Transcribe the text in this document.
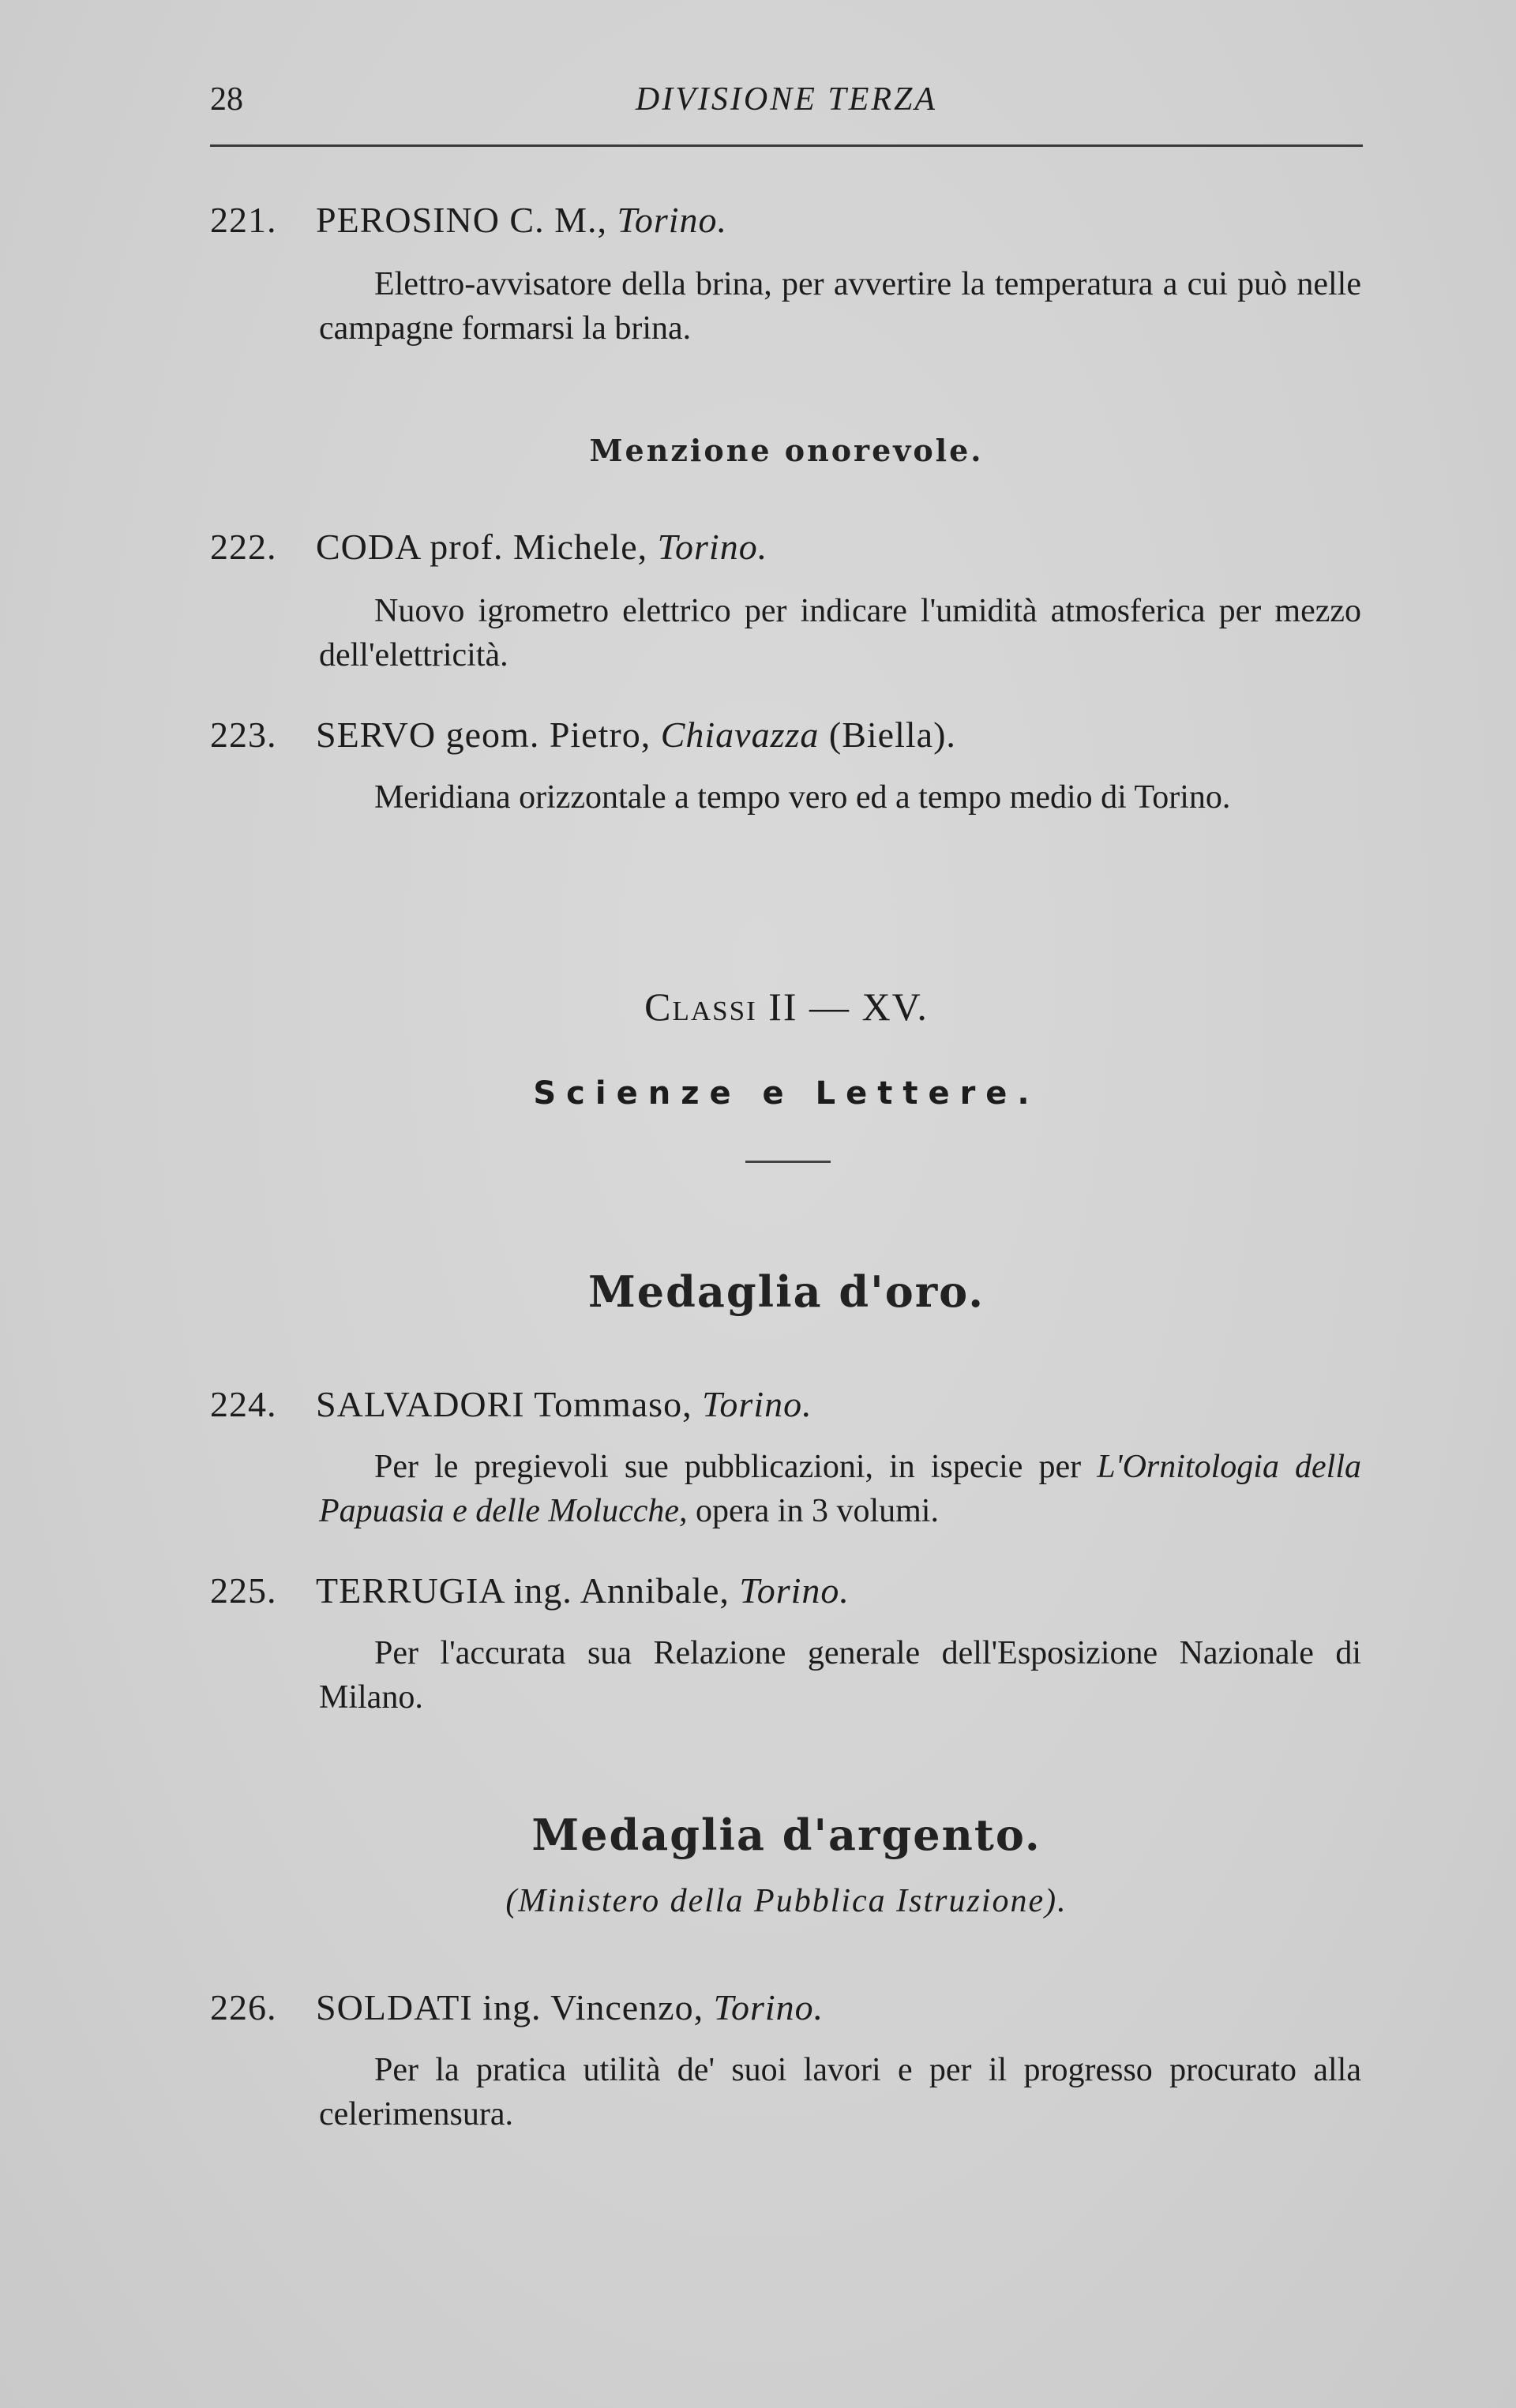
DIVISIONE TERZA
28
221. PEROSINO C. M., Torino.

Elettro-avvisatore della brina, per avvertire la temperatura a cui può nelle campagne formarsi la brina.

Menzione onorevole.
222. CODA prof. Michele, Torino.

Nuovo igrometro elettrico per indicare l'umidità atmosferica per mezzo dell'elettricità.

223. SERVO geom. Pietro, Chiavazza (Biella).

Meridiana orizzontale a tempo vero ed a tempo medio di Torino.

Classi II — XV.
Scienze e Lettere.
Medaglia d'oro.
224. SALVADORI Tommaso, Torino.

Per le pregievoli sue pubblicazioni, in ispecie per L'Ornitologia della Papuasia e delle Molucche, opera in 3 volumi.

225. TERRUGIA ing. Annibale, Torino.

Per l'accurata sua Relazione generale dell'Esposizione Nazionale di Milano.

Medaglia d'argento.
(Ministero della Pubblica Istruzione).
226. SOLDATI ing. Vincenzo, Torino.

Per la pratica utilità de' suoi lavori e per il progresso procurato alla celerimensura.
